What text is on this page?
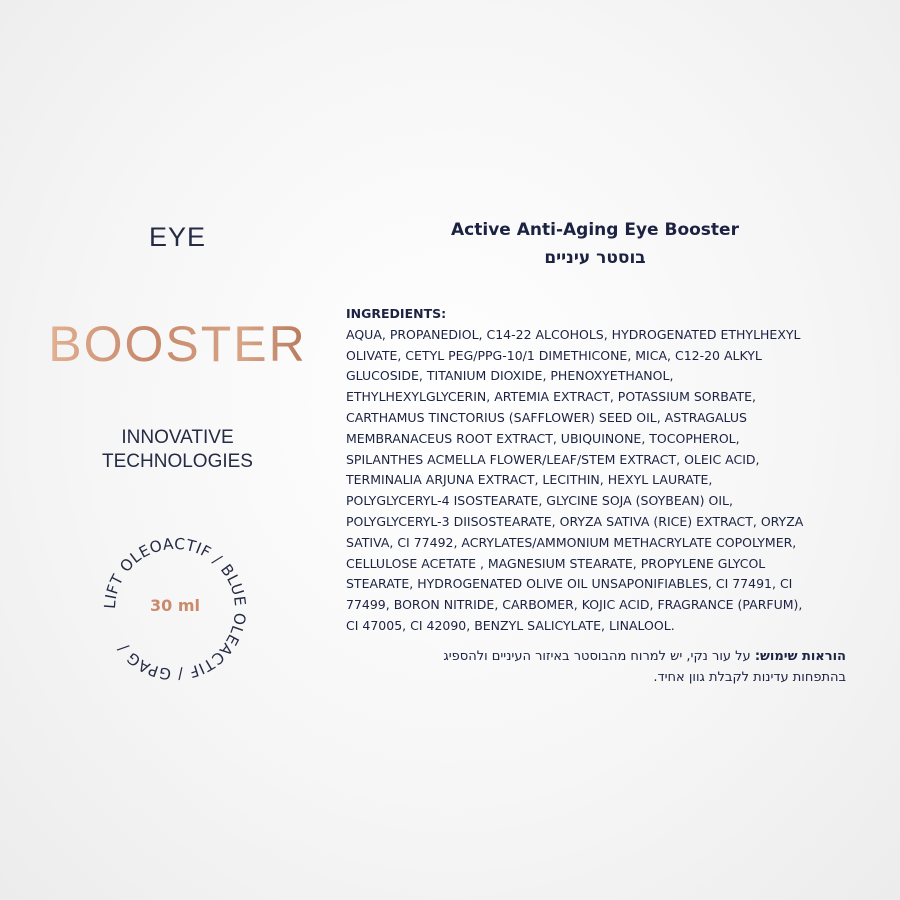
EYE
BOOSTER
INNOVATIVE
TECHNOLOGIES
LIFT OLEOACTIF / BLUE OLEACTIF / GPAG /
30 ml
Active Anti-Aging Eye Booster
בוסטר עיניים
INGREDIENTS:
AQUA, PROPANEDIOL, C14-22 ALCOHOLS, HYDROGENATED ETHYLHEXYL
OLIVATE, CETYL PEG/PPG-10/1 DIMETHICONE, MICA, C12-20 ALKYL
GLUCOSIDE, TITANIUM DIOXIDE, PHENOXYETHANOL,
ETHYLHEXYLGLYCERIN, ARTEMIA EXTRACT, POTASSIUM SORBATE,
CARTHAMUS TINCTORIUS (SAFFLOWER) SEED OIL, ASTRAGALUS
MEMBRANACEUS ROOT EXTRACT, UBIQUINONE, TOCOPHEROL,
SPILANTHES ACMELLA FLOWER/LEAF/STEM EXTRACT, OLEIC ACID,
TERMINALIA ARJUNA EXTRACT, LECITHIN, HEXYL LAURATE,
POLYGLYCERYL-4 ISOSTEARATE, GLYCINE SOJA (SOYBEAN) OIL,
POLYGLYCERYL-3 DIISOSTEARATE, ORYZA SATIVA (RICE) EXTRACT, ORYZA
SATIVA, CI 77492, ACRYLATES/AMMONIUM METHACRYLATE COPOLYMER,
CELLULOSE ACETATE , MAGNESIUM STEARATE, PROPYLENE GLYCOL
STEARATE, HYDROGENATED OLIVE OIL UNSAPONIFIABLES, CI 77491, CI
77499, BORON NITRIDE, CARBOMER, KOJIC ACID, FRAGRANCE (PARFUM),
CI 47005, CI 42090, BENZYL SALICYLATE, LINALOOL.
הוראות שימוש: על עור נקי, יש למרוח מהבוסטר באיזור העיניים ולהספיג
בהתפחות עדינות לקבלת גוון אחיד.
